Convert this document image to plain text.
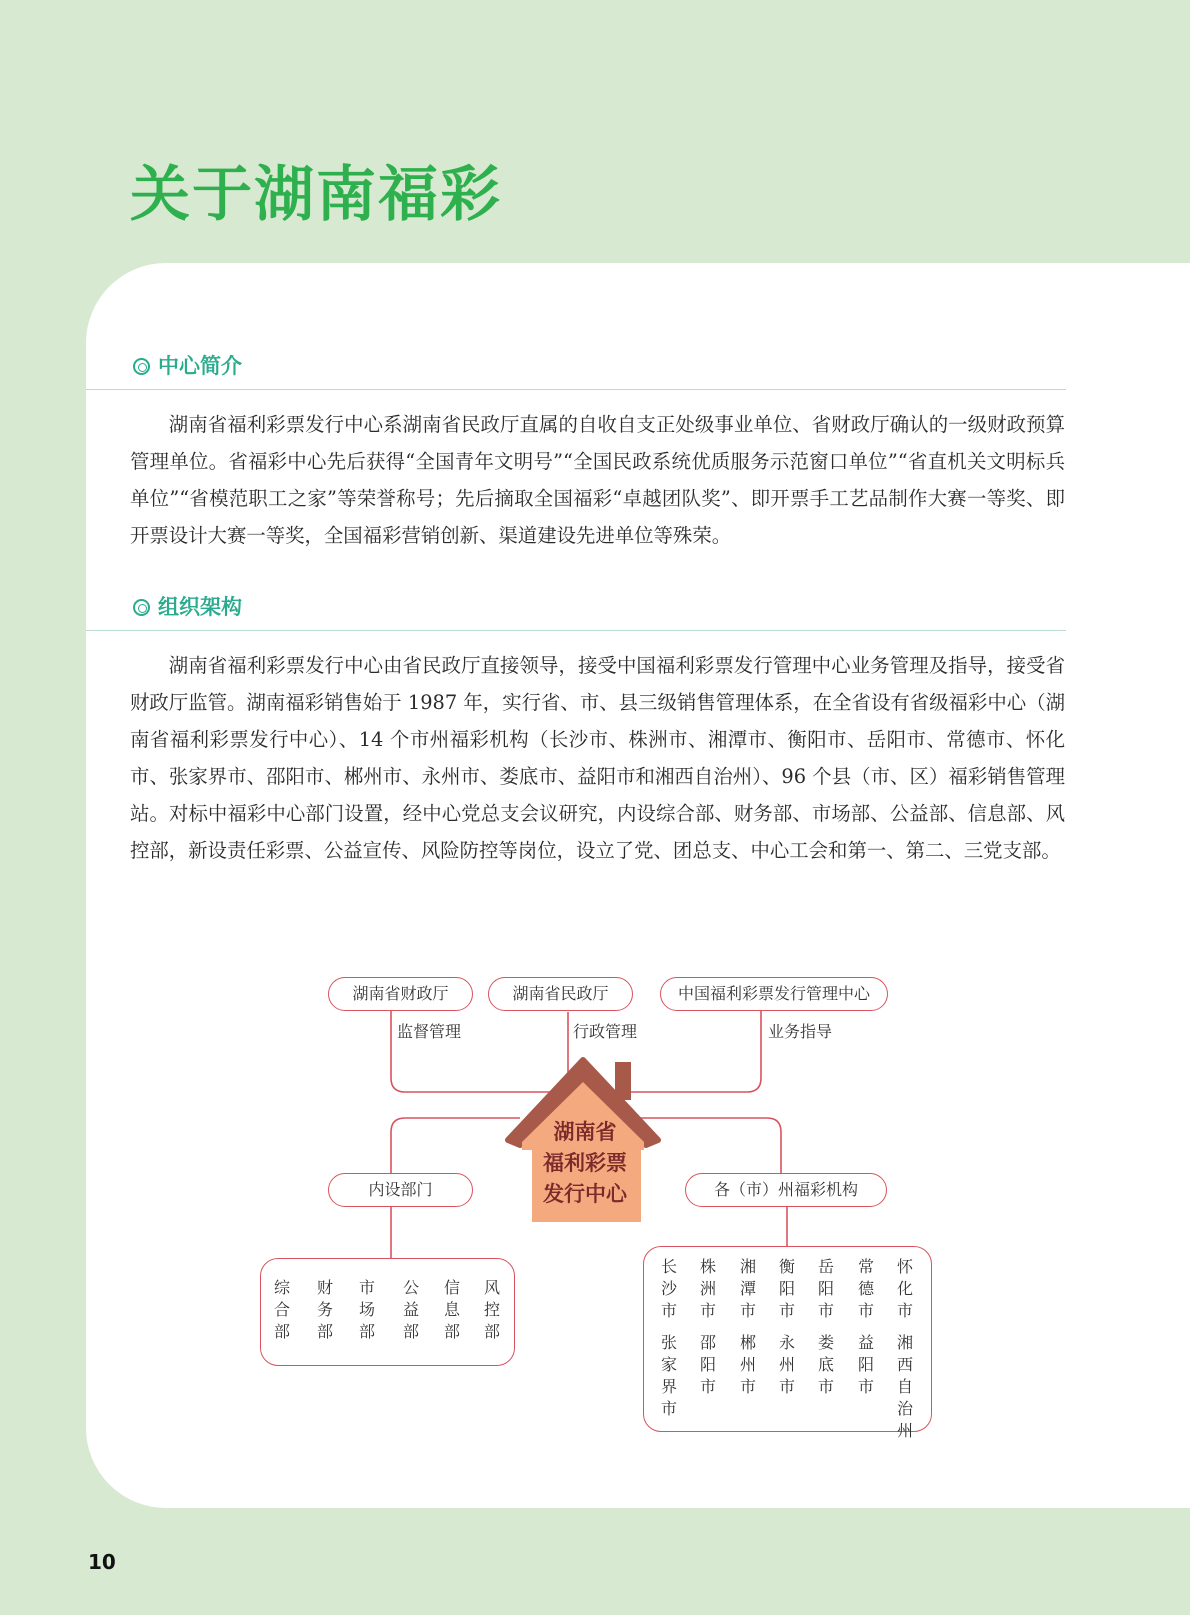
关于湖南福彩
中心简介
湖南省福利彩票发行中心系湖南省民政厅直属的自收自支正处级事业单位、省财政厅确认的一级财政预算管理单位。省福彩中心先后获得“全国青年文明号”“全国民政系统优质服务示范窗口单位”“省直机关文明标兵单位”“省模范职工之家”等荣誉称号；先后摘取全国福彩“卓越团队奖”、即开票手工艺品制作大赛一等奖、即开票设计大赛一等奖，全国福彩营销创新、渠道建设先进单位等殊荣。
组织架构
湖南省福利彩票发行中心由省民政厅直接领导，接受中国福利彩票发行管理中心业务管理及指导，接受省财政厅监管。湖南福彩销售始于 1987 年，实行省、市、县三级销售管理体系，在全省设有省级福彩中心（湖南省福利彩票发行中心）、14 个市州福彩机构（长沙市、株洲市、湘潭市、衡阳市、岳阳市、常德市、怀化市、张家界市、邵阳市、郴州市、永州市、娄底市、益阳市和湘西自治州）、96 个县（市、区）福彩销售管理站。对标中福彩中心部门设置，经中心党总支会议研究，内设综合部、财务部、市场部、公益部、信息部、风控部，新设责任彩票、公益宣传、风险防控等岗位，设立了党、团总支、中心工会和第一、第二、三党支部。
湖南省财政厅	湖南省民政厅	中国福利彩票发行管理中心
监督管理	行政管理	业务指导
湖南省
福利彩票
发行中心
内设部门	各（市）州福彩机构
综合部
财务部
市场部
公益部
信息部
风控部
长沙市
株洲市
湘潭市
衡阳市
岳阳市
常德市
怀化市
张家界市
邵阳市
郴州市
永州市
娄底市
益阳市
湘西自治州
10
